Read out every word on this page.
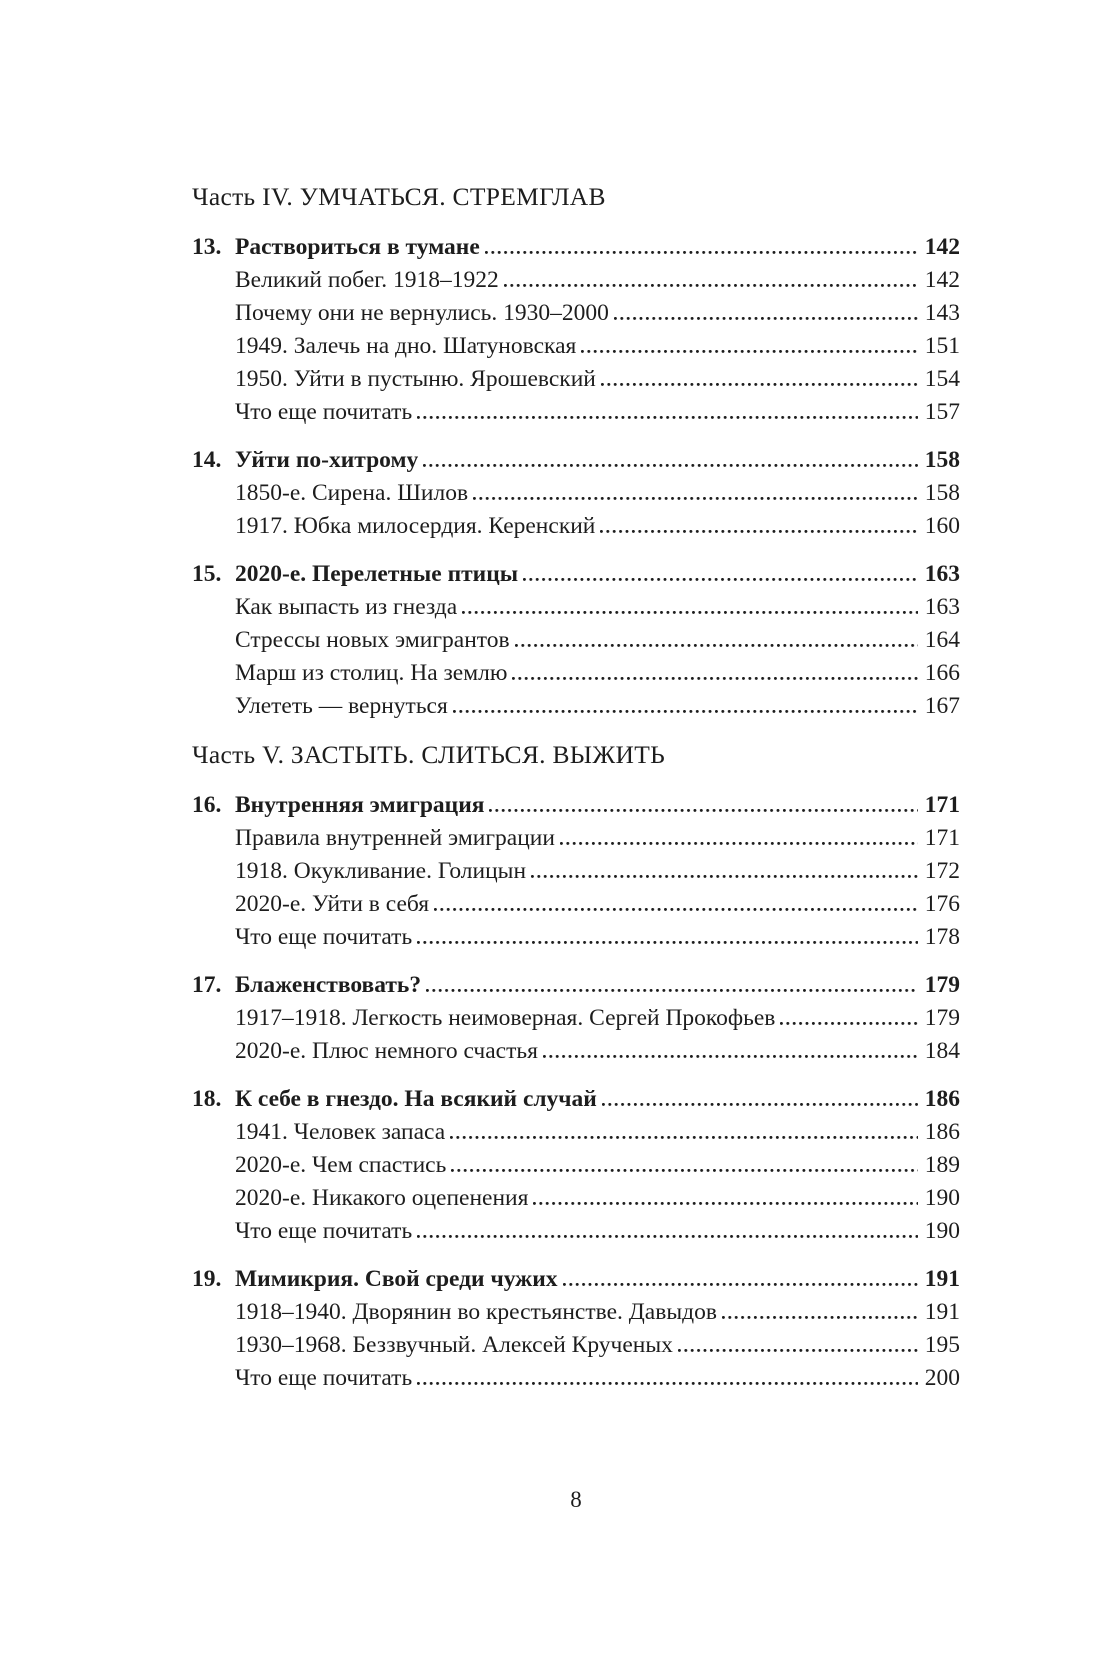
Часть IV. УМЧАТЬСЯ. СТРЕМГЛАВ
13. Раствориться в тумане	142
Великий побег. 1918–1922	142
Почему они не вернулись. 1930–2000	143
1949. Залечь на дно. Шатуновская	151
1950. Уйти в пустыню. Ярошевский	154
Что еще почитать	157
14. Уйти по-хитрому	158
1850-е. Сирена. Шилов	158
1917. Юбка милосердия. Керенский	160
15. 2020-е. Перелетные птицы	163
Как выпасть из гнезда	163
Стрессы новых эмигрантов	164
Марш из столиц. На землю	166
Улететь — вернуться	167
Часть V. ЗАСТЫТЬ. СЛИТЬСЯ. ВЫЖИТЬ
16. Внутренняя эмиграция	171
Правила внутренней эмиграции	171
1918. Окукливание. Голицын	172
2020-е. Уйти в себя	176
Что еще почитать	178
17. Блаженствовать?	179
1917–1918. Легкость неимоверная. Сергей Прокофьев	179
2020-е. Плюс немного счастья	184
18. К себе в гнездо. На всякий случай	186
1941. Человек запаса	186
2020-е. Чем спастись	189
2020-е. Никакого оцепенения	190
Что еще почитать	190
19. Мимикрия. Свой среди чужих	191
1918–1940. Дворянин во крестьянстве. Давыдов	191
1930–1968. Беззвучный. Алексей Крученых	195
Что еще почитать	200
8
